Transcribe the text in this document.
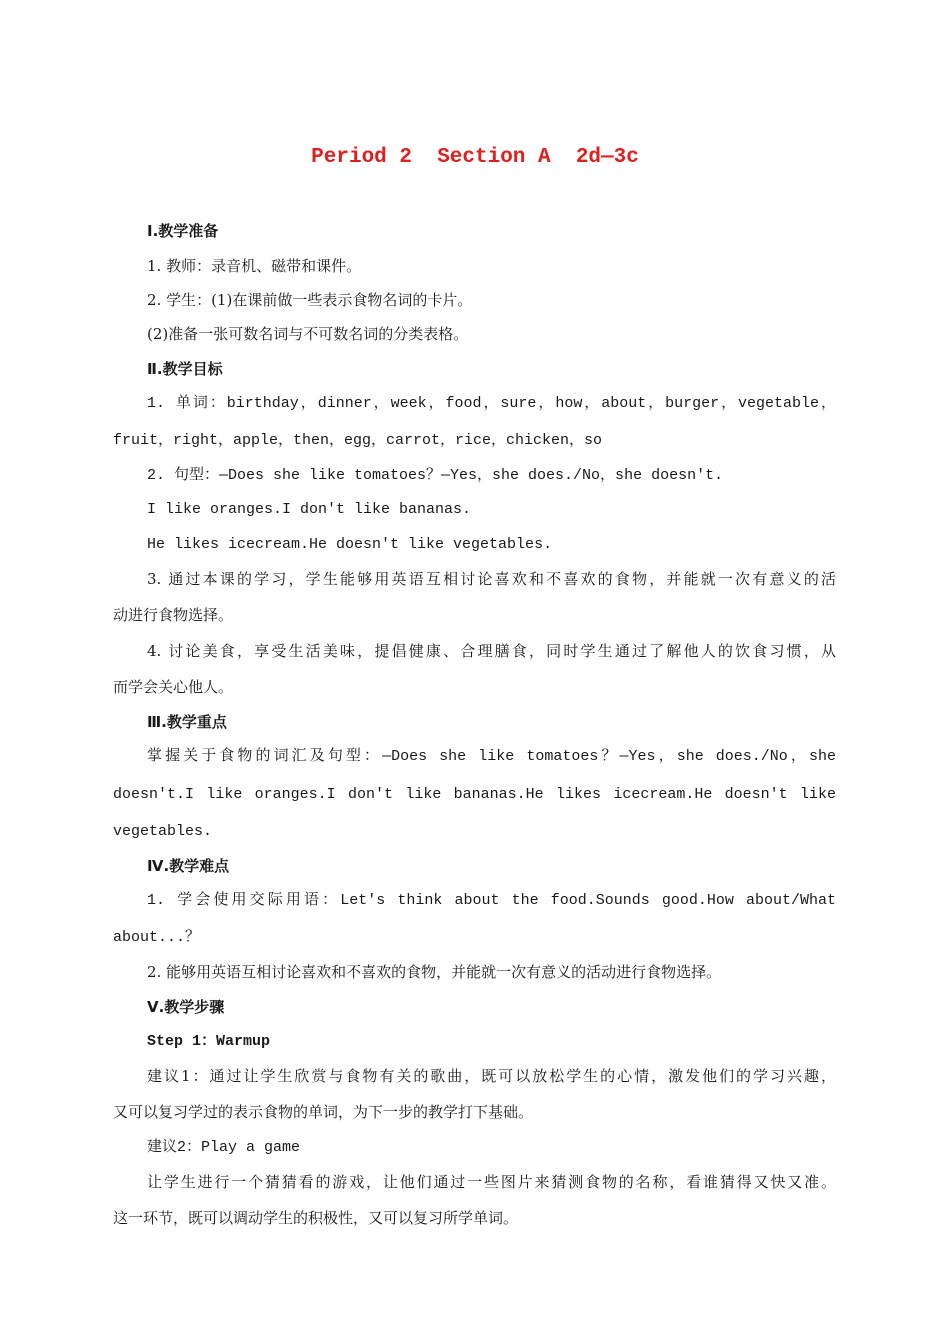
Period 2  Section A  2d—3c

Ⅰ.教学准备

1. 教师：录音机、磁带和课件。

2. 学生：(1)在课前做一些表示食物名词的卡片。

(2)准备一张可数名词与不可数名词的分类表格。

Ⅱ.教学目标

1. 单词：birthday，dinner，week，food，sure，how，about，burger，vegetable，

fruit，right，apple，then，egg，carrot，rice，chicken，so

2. 句型：—Does she like tomatoes？—Yes，she does./No，she doesn't.

I like oranges.I don't like bananas.

He likes icecream.He doesn't like vegetables.

3. 通过本课的学习，学生能够用英语互相讨论喜欢和不喜欢的食物，并能就一次有意义的活

动进行食物选择。

4. 讨论美食，享受生活美味，提倡健康、合理膳食，同时学生通过了解他人的饮食习惯，从

而学会关心他人。

Ⅲ.教学重点

掌握关于食物的词汇及句型：—Does she like tomatoes？—Yes，she does./No，she

doesn't.I like oranges.I don't like bananas.He likes icecream.He doesn't like

vegetables.

Ⅳ.教学难点

1. 学会使用交际用语：Let's think about the food.Sounds good.How about/What

about...？

2. 能够用英语互相讨论喜欢和不喜欢的食物，并能就一次有意义的活动进行食物选择。

Ⅴ.教学步骤

Step 1：Warmup

建议1：通过让学生欣赏与食物有关的歌曲，既可以放松学生的心情，激发他们的学习兴趣，

又可以复习学过的表示食物的单词，为下一步的教学打下基础。

建议2：Play a game

让学生进行一个猜猜看的游戏，让他们通过一些图片来猜测食物的名称，看谁猜得又快又准。

这一环节，既可以调动学生的积极性，又可以复习所学单词。
